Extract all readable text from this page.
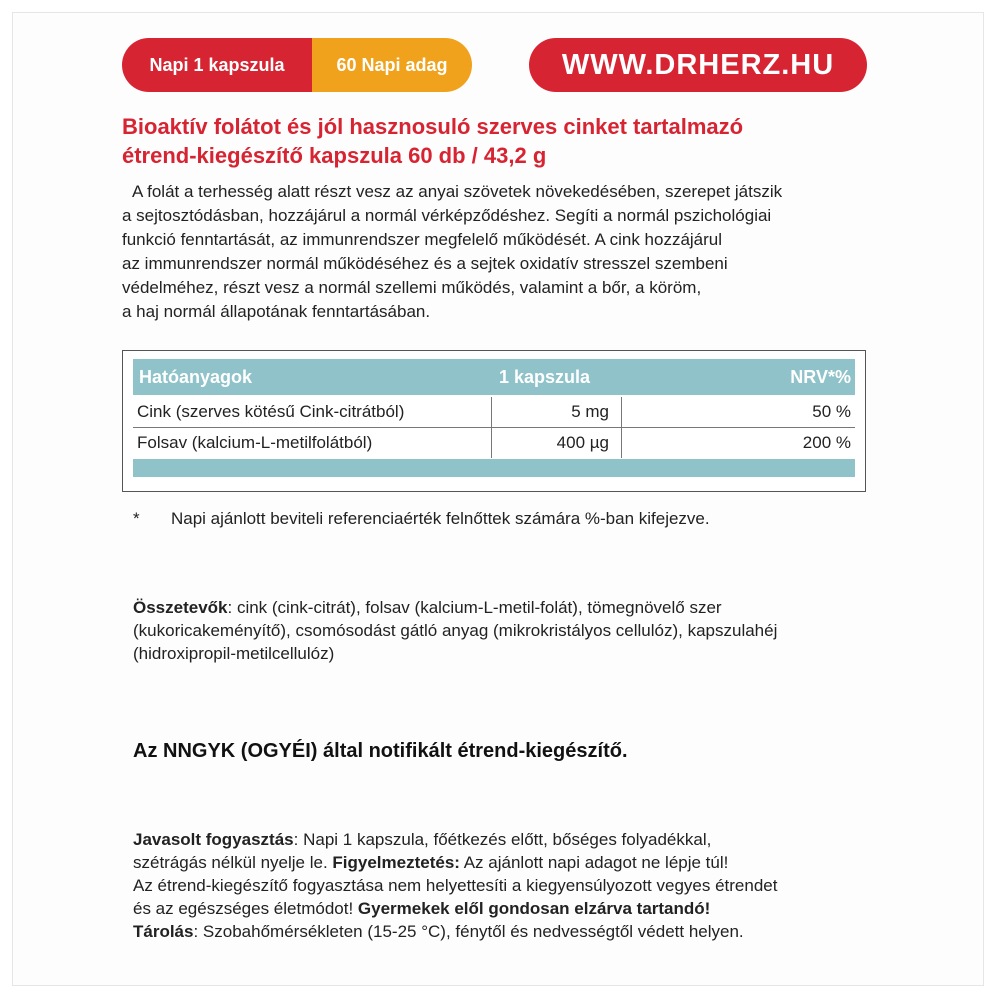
Napi 1 kapszula	60 Napi adag	WWW.DRHERZ.HU
Bioaktív folátot és jól hasznosuló szerves cinket tartalmazó
étrend-kiegészítő kapszula 60 db / 43,2 g
A folát a terhesség alatt részt vesz az anyai szövetek növekedésében, szerepet játszik
a sejtosztódásban, hozzájárul a normál vérképződéshez. Segíti a normál pszichológiai
funkció fenntartását, az immunrendszer megfelelő működését. A cink hozzájárul
az immunrendszer normál működéséhez és a sejtek oxidatív stresszel szembeni
védelméhez, részt vesz a normál szellemi működés, valamint a bőr, a köröm,
a haj normál állapotának fenntartásában.
Hatóanyagok	1 kapszula	NRV*%
Cink (szerves kötésű Cink-citrátból)	5 mg	50 %
Folsav (kalcium-L-metilfolátból)	400 µg	200 %
* Napi ajánlott beviteli referenciaérték felnőttek számára %-ban kifejezve.
Összetevők: cink (cink-citrát), folsav (kalcium-L-metil-folát), tömegnövelő szer
(kukoricakeményítő), csomósodást gátló anyag (mikrokristályos cellulóz), kapszulahéj
(hidroxipropil-metilcellulóz)
Az NNGYK (OGYÉI) által notifikált étrend-kiegészítő.
Javasolt fogyasztás: Napi 1 kapszula, főétkezés előtt, bőséges folyadékkal,
szétrágás nélkül nyelje le. Figyelmeztetés: Az ajánlott napi adagot ne lépje túl!
Az étrend-kiegészítő fogyasztása nem helyettesíti a kiegyensúlyozott vegyes étrendet
és az egészséges életmódot! Gyermekek elől gondosan elzárva tartandó!
Tárolás: Szobahőmérsékleten (15-25 °C), fénytől és nedvességtől védett helyen.
